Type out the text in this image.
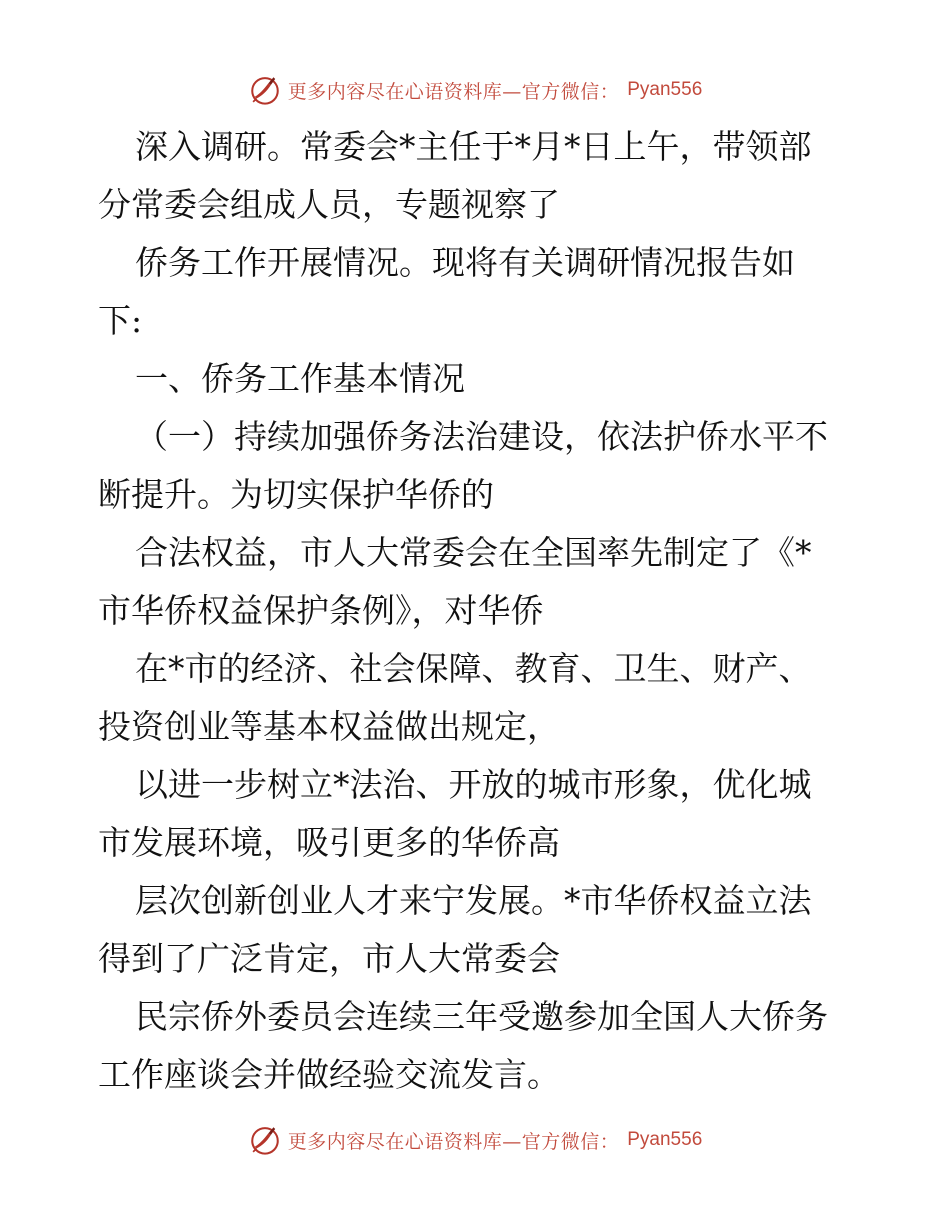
更多内容尽在心语资料库—官方微信： Pyan556
深入调研。常委会*主任于*月*日上午，带领部
分常委会组成人员，专题视察了
侨务工作开展情况。现将有关调研情况报告如
下:
一、侨务工作基本情况
（一）持续加强侨务法治建设，依法护侨水平不
断提升。为切实保护华侨的
合法权益，市人大常委会在全国率先制定了《*
市华侨权益保护条例》，对华侨
在*市的经济、社会保障、教育、卫生、财产、
投资创业等基本权益做出规定，
以进一步树立*法治、开放的城市形象，优化城
市发展环境，吸引更多的华侨高
层次创新创业人才来宁发展。*市华侨权益立法
得到了广泛肯定，市人大常委会
民宗侨外委员会连续三年受邀参加全国人大侨务
工作座谈会并做经验交流发言。
更多内容尽在心语资料库—官方微信： Pyan556
